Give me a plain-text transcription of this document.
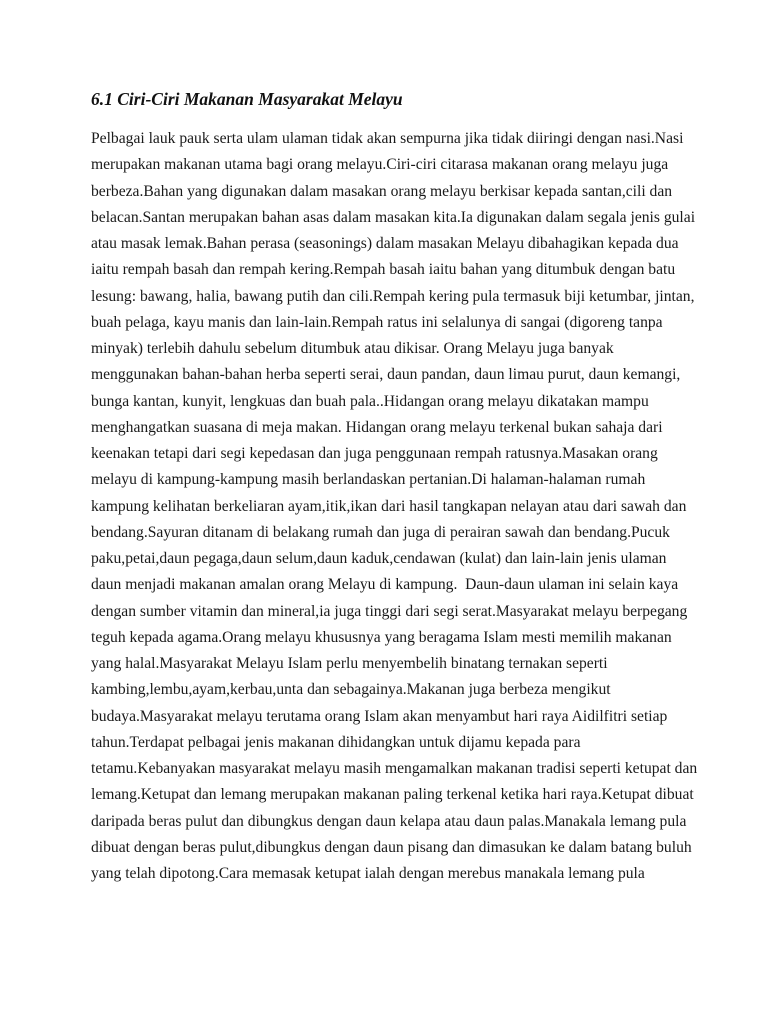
6.1 Ciri-Ciri Makanan Masyarakat Melayu
Pelbagai lauk pauk serta ulam ulaman tidak akan sempurna jika tidak diiringi dengan nasi.Nasi
merupakan makanan utama bagi orang melayu.Ciri-ciri citarasa makanan orang melayu juga
berbeza.Bahan yang digunakan dalam masakan orang melayu berkisar kepada santan,cili dan
belacan.Santan merupakan bahan asas dalam masakan kita.Ia digunakan dalam segala jenis gulai
atau masak lemak.Bahan perasa (seasonings) dalam masakan Melayu dibahagikan kepada dua
iaitu rempah basah dan rempah kering.Rempah basah iaitu bahan yang ditumbuk dengan batu
lesung: bawang, halia, bawang putih dan cili.Rempah kering pula termasuk biji ketumbar, jintan,
buah pelaga, kayu manis dan lain-lain.Rempah ratus ini selalunya di sangai (digoreng tanpa
minyak) terlebih dahulu sebelum ditumbuk atau dikisar. Orang Melayu juga banyak
menggunakan bahan-bahan herba seperti serai, daun pandan, daun limau purut, daun kemangi,
bunga kantan, kunyit, lengkuas dan buah pala..Hidangan orang melayu dikatakan mampu
menghangatkan suasana di meja makan. Hidangan orang melayu terkenal bukan sahaja dari
keenakan tetapi dari segi kepedasan dan juga penggunaan rempah ratusnya.Masakan orang
melayu di kampung-kampung masih berlandaskan pertanian.Di halaman-halaman rumah
kampung kelihatan berkeliaran ayam,itik,ikan dari hasil tangkapan nelayan atau dari sawah dan
bendang.Sayuran ditanam di belakang rumah dan juga di perairan sawah dan bendang.Pucuk
paku,petai,daun pegaga,daun selum,daun kaduk,cendawan (kulat) dan lain-lain jenis ulaman
daun menjadi makanan amalan orang Melayu di kampung.  Daun-daun ulaman ini selain kaya
dengan sumber vitamin dan mineral,ia juga tinggi dari segi serat.Masyarakat melayu berpegang
teguh kepada agama.Orang melayu khususnya yang beragama Islam mesti memilih makanan
yang halal.Masyarakat Melayu Islam perlu menyembelih binatang ternakan seperti
kambing,lembu,ayam,kerbau,unta dan sebagainya.Makanan juga berbeza mengikut
budaya.Masyarakat melayu terutama orang Islam akan menyambut hari raya Aidilfitri setiap
tahun.Terdapat pelbagai jenis makanan dihidangkan untuk dijamu kepada para
tetamu.Kebanyakan masyarakat melayu masih mengamalkan makanan tradisi seperti ketupat dan
lemang.Ketupat dan lemang merupakan makanan paling terkenal ketika hari raya.Ketupat dibuat
daripada beras pulut dan dibungkus dengan daun kelapa atau daun palas.Manakala lemang pula
dibuat dengan beras pulut,dibungkus dengan daun pisang dan dimasukan ke dalam batang buluh
yang telah dipotong.Cara memasak ketupat ialah dengan merebus manakala lemang pula
